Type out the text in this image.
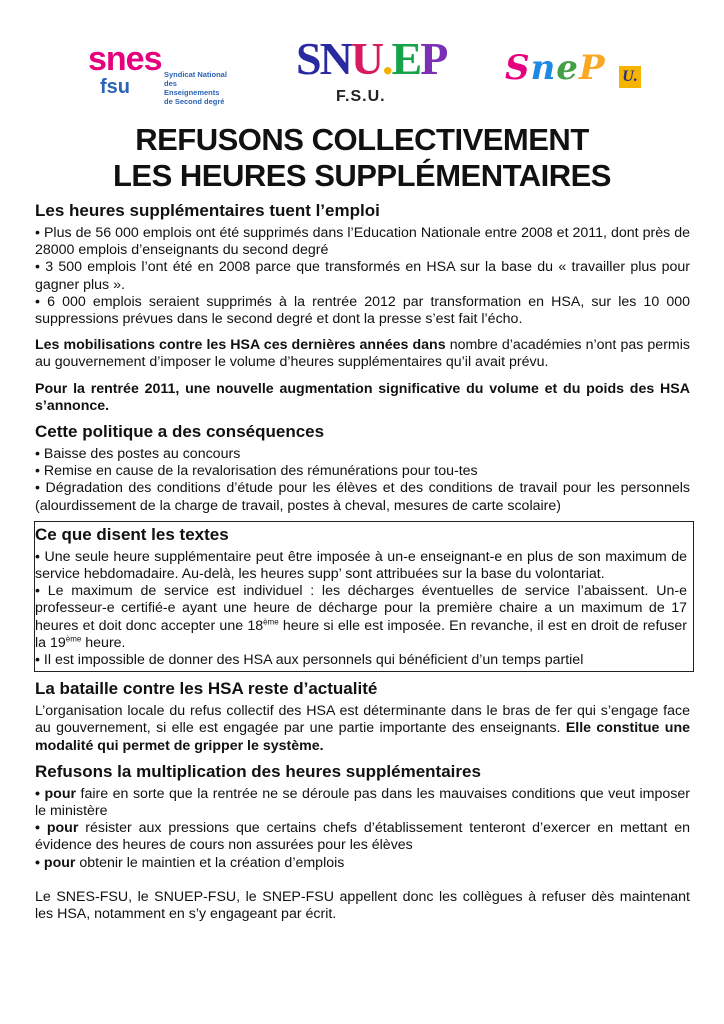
snes
fsu
Syndicat National
des Enseignements
de Second degré
SNU.EP
F.S.U.
SneP U.
REFUSONS COLLECTIVEMENT
LES HEURES SUPPLÉMENTAIRES
Les heures supplémentaires tuent l’emploi

• Plus de 56 000 emplois ont été supprimés dans l’Education Nationale entre 2008 et 2011, dont près de 28000 emplois d’enseignants du second degré

• 3 500 emplois l’ont été en 2008 parce que transformés en HSA sur la base du « travailler plus pour gagner plus ».

• 6 000 emplois seraient supprimés à la rentrée 2012 par transformation en HSA, sur les 10 000 suppressions prévues dans le second degré et dont la presse s’est fait l’écho.

Les mobilisations contre les HSA ces dernières années dans nombre d’académies n’ont pas permis au gouvernement d’imposer le volume d’heures supplémentaires qu’il avait prévu.

Pour la rentrée 2011, une nouvelle augmentation significative du volume et du poids des HSA s’annonce.

Cette politique a des conséquences

• Baisse des postes au concours

• Remise en cause de la revalorisation des rémunérations pour tou-tes

• Dégradation des conditions d’étude pour les élèves et des conditions de travail pour les personnels (alourdissement de la charge de travail, postes à cheval, mesures de carte scolaire)

Ce que disent les textes

• Une seule heure supplémentaire peut être imposée à un-e enseignant-e en plus de son maximum de service hebdomadaire. Au-delà, les heures supp’ sont attribuées sur la base du volontariat.

• Le maximum de service est individuel : les décharges éventuelles de service l’abaissent. Un-e professeur-e certifié-e ayant une heure de décharge pour la première chaire a un maximum de 17 heures et doit donc accepter une 18ème heure si elle est imposée. En revanche, il est en droit de refuser la 19ème heure.

• Il est impossible de donner des HSA aux personnels qui bénéficient d’un temps partiel

La bataille contre les HSA reste d’actualité

L’organisation locale du refus collectif des HSA est déterminante dans le bras de fer qui s’engage face au gouvernement, si elle est engagée par une partie importante des enseignants. Elle constitue une modalité qui permet de gripper le système.

Refusons la multiplication des heures supplémentaires

• pour faire en sorte que la rentrée ne se déroule pas dans les mauvaises conditions que veut imposer le ministère

• pour résister aux pressions que certains chefs d’établissement tenteront d’exercer en mettant en évidence des heures de cours non assurées pour les élèves

• pour obtenir le maintien et la création d’emplois

Le SNES-FSU, le SNUEP-FSU, le SNEP-FSU appellent donc les collègues à refuser dès maintenant les HSA, notamment en s’y engageant par écrit.
